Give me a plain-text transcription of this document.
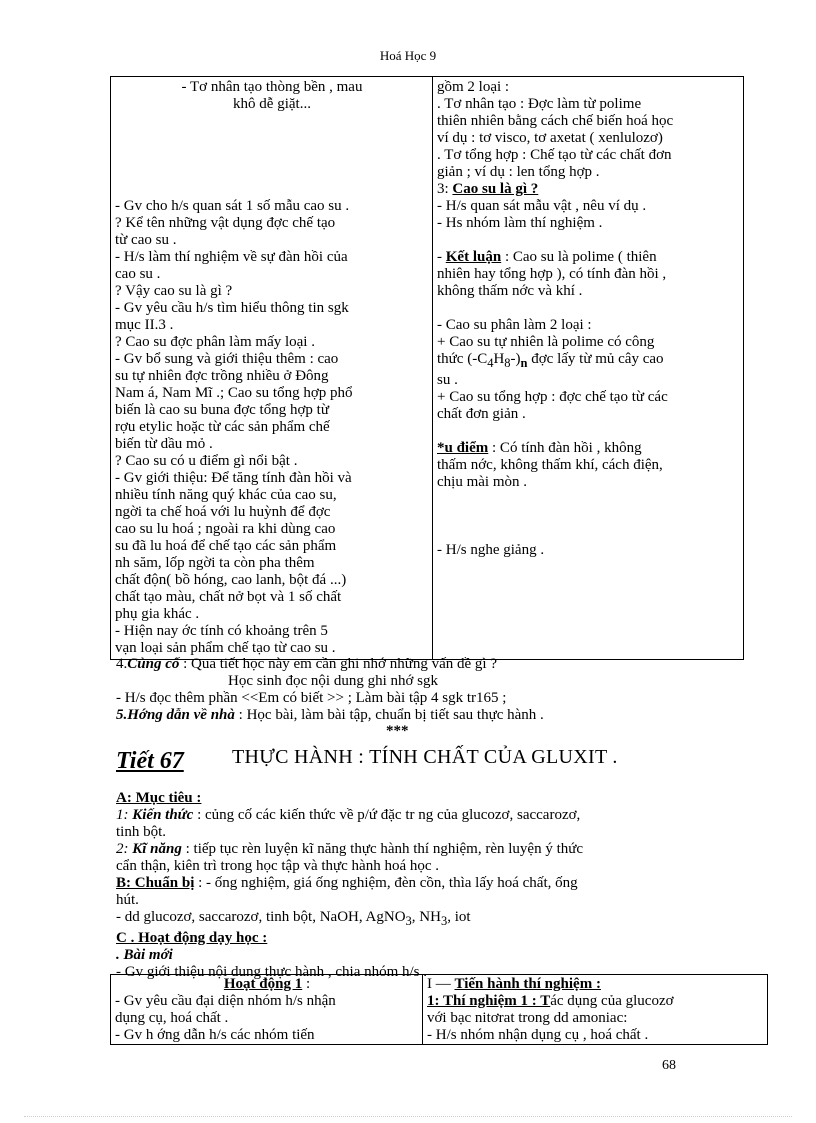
Hoá Học 9
- Tơ nhân tạo thòng bền , mau
khô dễ giặt...
- Gv cho h/s quan sát 1 số mẫu cao su .
? Kể tên những vật dụng đợc chế tạo
từ cao su .
- H/s làm thí nghiệm về sự đàn hồi của
cao su .
? Vậy cao su là gì ?
- Gv yêu cầu h/s tìm hiểu thông tin sgk
mục II.3 .
? Cao su đợc phân làm mấy loại .
- Gv bổ sung và giới thiệu thêm : cao
su tự nhiên đợc trồng nhiều ở Đông
Nam á, Nam Mĩ .; Cao su tổng hợp phổ
biến là cao su buna đợc tổng hợp từ
rợu etylic hoặc từ các sản phẩm chế
biến từ dầu mỏ .
? Cao su có u điểm gì nổi bật .
- Gv giới thiệu: Để tăng tính đàn hồi và
nhiều tính năng quý khác của cao su,
ngời ta chế hoá với lu huỳnh để đợc
cao su lu hoá ; ngoài ra khi dùng cao
su đã lu hoá để chế tạo các sản phẩm
nh săm, lốp ngời ta còn pha thêm
chất độn( bồ hóng, cao lanh, bột đá ...)
chất tạo màu, chất nở bọt và 1 số chất
phụ gia khác .
- Hiện nay ớc tính có khoảng trên 5
vạn loại sản phẩm chế tạo từ cao su .

gồm 2 loại :
. Tơ nhân tạo : Đợc làm từ polime
thiên nhiên bằng cách chế biến hoá học
ví dụ : tơ visco, tơ axetat ( xenlulozơ)
. Tơ tổng hợp : Chế tạo từ các chất đơn
giản ; ví dụ : len tổng hợp .
3: Cao su là gì ?
- H/s quan sát mẫu vật , nêu ví dụ .
- Hs nhóm làm thí nghiệm .
- Kết luận : Cao su là polime ( thiên
nhiên hay tổng hợp ), có tính đàn hồi ,
không thấm nớc và khí .
- Cao su phân làm 2 loại :
+ Cao su tự nhiên là polime có công
thức $(-C_4H_8-)_n$ đợc lấy từ mủ cây cao
su .
+ Cao su tổng hợp : đợc chế tạo từ các
chất đơn giản .
*u điểm : Có tính đàn hồi , không
thấm nớc, không thấm khí, cách điện,
chịu mài mòn .
- H/s nghe giảng .
4.Củng cố : Qua tiết học này em cần ghi nhớ những vấn đề gì ?
Học sinh đọc nội dung ghi nhớ sgk
- H/s đọc thêm phần <<Em có biết >> ; Làm bài tập 4 sgk tr165 ;
5.Hớng dẫn về nhà : Học bài, làm bài tập, chuẩn bị tiết sau thực hành .
***
Tiết 67 THỰC HÀNH : TÍNH CHẤT CỦA GLUXIT .
A: Mục tiêu :
1: Kiến thức : củng cố các kiến thức về p/ứ đặc tr ng của glucozơ, saccarozơ,
tinh bột.
2: Kĩ năng : tiếp tục rèn luyện kĩ năng thực hành thí nghiệm, rèn luyện ý thức
cẩn thận, kiên trì trong học tập và thực hành hoá học .
B: Chuẩn bị : - ống nghiệm, giá ống nghiệm, đèn cồn, thìa lấy hoá chất, ống
hút.
- dd glucozơ, saccarozơ, tinh bột, NaOH, AgNO$_3$, $NH_3$, iot
C . Hoạt động dạy học :
. Bài mới
- Gv giới thiệu nội dung thực hành , chia nhóm h/s .
Hoạt động 1 :
- Gv yêu cầu đại diện nhóm h/s nhận
dụng cụ, hoá chất .
- Gv h ớng dẫn h/s các nhóm tiến

I — Tiến hành thí nghiệm :
1: Thí nghiệm 1 : Tác dụng của glucozơ
với bạc nitơrat trong dd amoniac:
- H/s nhóm nhận dụng cụ , hoá chất .
68
